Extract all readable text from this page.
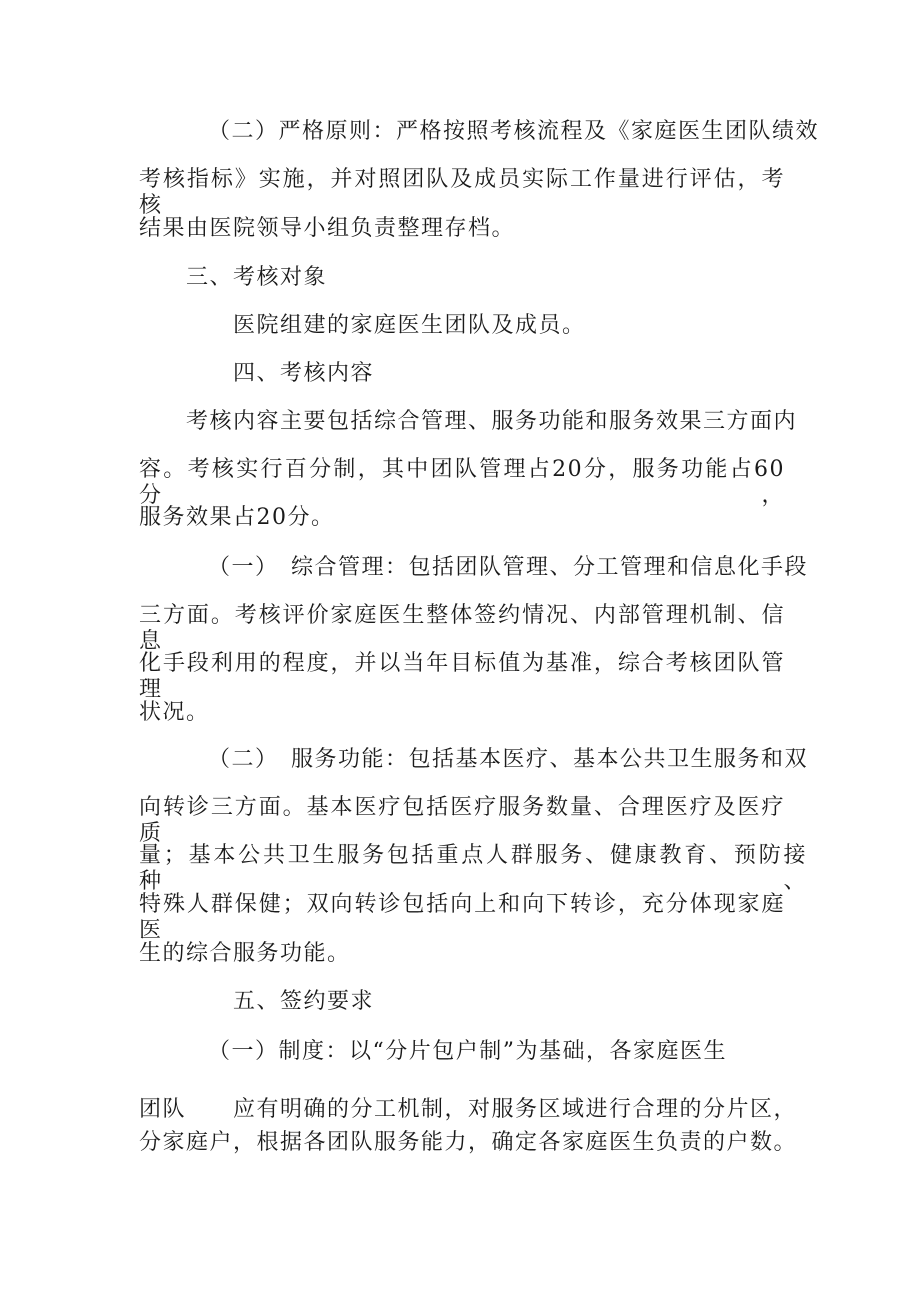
（二）严格原则：严格按照考核流程及《家庭医生团队绩效
考核指标》实施，并对照团队及成员实际工作量进行评估，考核
结果由医院领导小组负责整理存档。
三、考核对象
医院组建的家庭医生团队及成员。
四、考核内容
考核内容主要包括综合管理、服务功能和服务效果三方面内
容。考核实行百分制，其中团队管理占20分，服务功能占60分，
服务效果占20分。
（一）　综合管理：包括团队管理、分工管理和信息化手段
三方面。考核评价家庭医生整体签约情况、内部管理机制、信息
化手段利用的程度，并以当年目标值为基准，综合考核团队管理
状况。
（二）　服务功能：包括基本医疗、基本公共卫生服务和双
向转诊三方面。基本医疗包括医疗服务数量、合理医疗及医疗质
量；基本公共卫生服务包括重点人群服务、健康教育、预防接种、
特殊人群保健；双向转诊包括向上和向下转诊，充分体现家庭医
生的综合服务功能。
五、签约要求
（一）制度：以“分片包户制”为基础，各家庭医生
团队　　应有明确的分工机制，对服务区域进行合理的分片区，
分家庭户，根据各团队服务能力，确定各家庭医生负责的户数。
